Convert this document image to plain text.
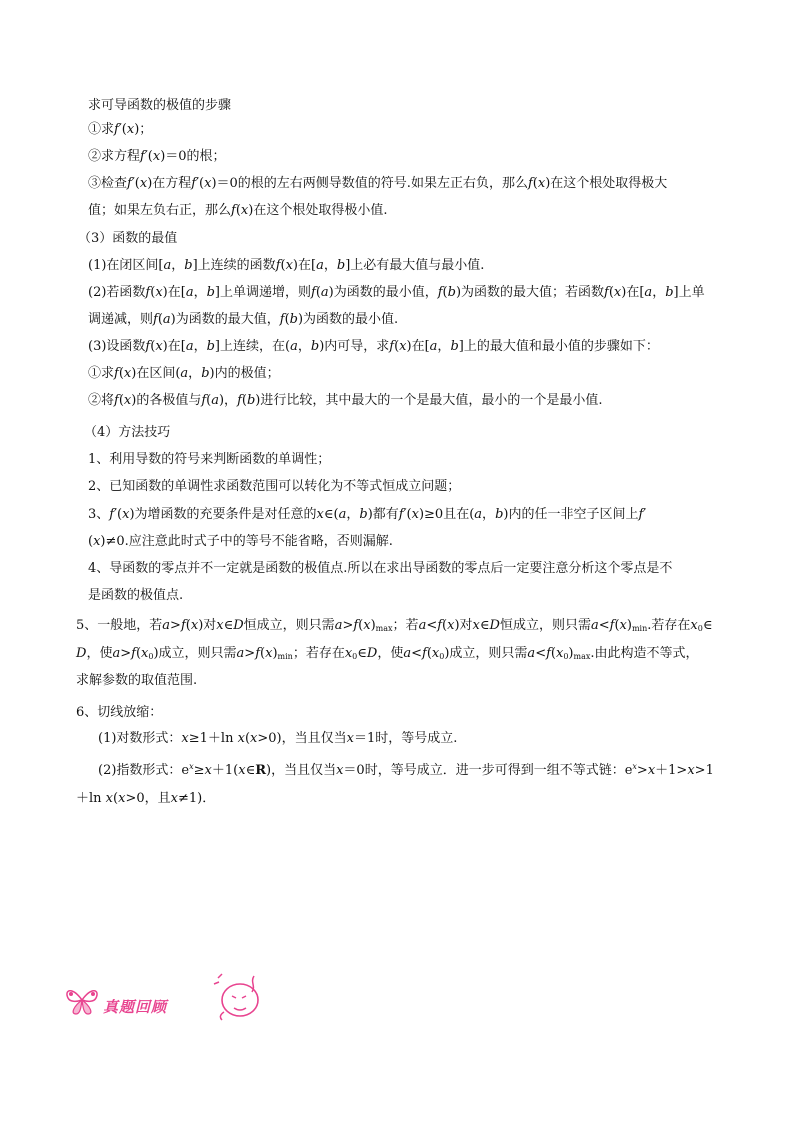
求可导函数的极值的步骤
①求f′(x)；
②求方程f′(x)＝0的根；
③检查f′(x)在方程f′(x)＝0的根的左右两侧导数值的符号.如果左正右负，那么f(x)在这个根处取得极大
值；如果左负右正，那么f(x)在这个根处取得极小值.
（3）函数的最值
(1)在闭区间[a，b]上连续的函数f(x)在[a，b]上必有最大值与最小值.
(2)若函数f(x)在[a，b]上单调递增，则f(a)为函数的最小值，f(b)为函数的最大值；若函数f(x)在[a，b]上单
调递减，则f(a)为函数的最大值，f(b)为函数的最小值.
(3)设函数f(x)在[a，b]上连续，在(a，b)内可导，求f(x)在[a，b]上的最大值和最小值的步骤如下：
①求f(x)在区间(a，b)内的极值；
②将f(x)的各极值与f(a)，f(b)进行比较，其中最大的一个是最大值，最小的一个是最小值.
（4）方法技巧
1、利用导数的符号来判断函数的单调性；
2、已知函数的单调性求函数范围可以转化为不等式恒成立问题；
3、f′(x)为增函数的充要条件是对任意的x∈(a，b)都有f′(x)≥0且在(a，b)内的任一非空子区间上f′
(x)≠0.应注意此时式子中的等号不能省略，否则漏解.
4、导函数的零点并不一定就是函数的极值点.所以在求出导函数的零点后一定要注意分析这个零点是不
是函数的极值点.
5、一般地，若a>f(x)对x∈D恒成立，则只需$a>f(x)_{max}$；若a<f(x)对x∈D恒成立，则只需$a<f(x)_{min}$.若存在$x_0\in$
D，使$a>f(x_0)$成立，则只需$a>f(x)_{min}$；若存在$x_0\in D$，使$a<f(x_0)$成立，则只需$a<f(x_0)_{max}$.由此构造不等式，
求解参数的取值范围.
6、切线放缩：
(1)对数形式：x≥1＋ln x(x>0)，当且仅当x＝1时，等号成立.
(2)指数形式：$e^x\ge x+1(x\in R)$，当且仅当x＝0时，等号成立．进一步可得到一组不等式链：$e^x>x+1>x>1$
＋ln x(x>0，且x≠1)．
真题回顾
